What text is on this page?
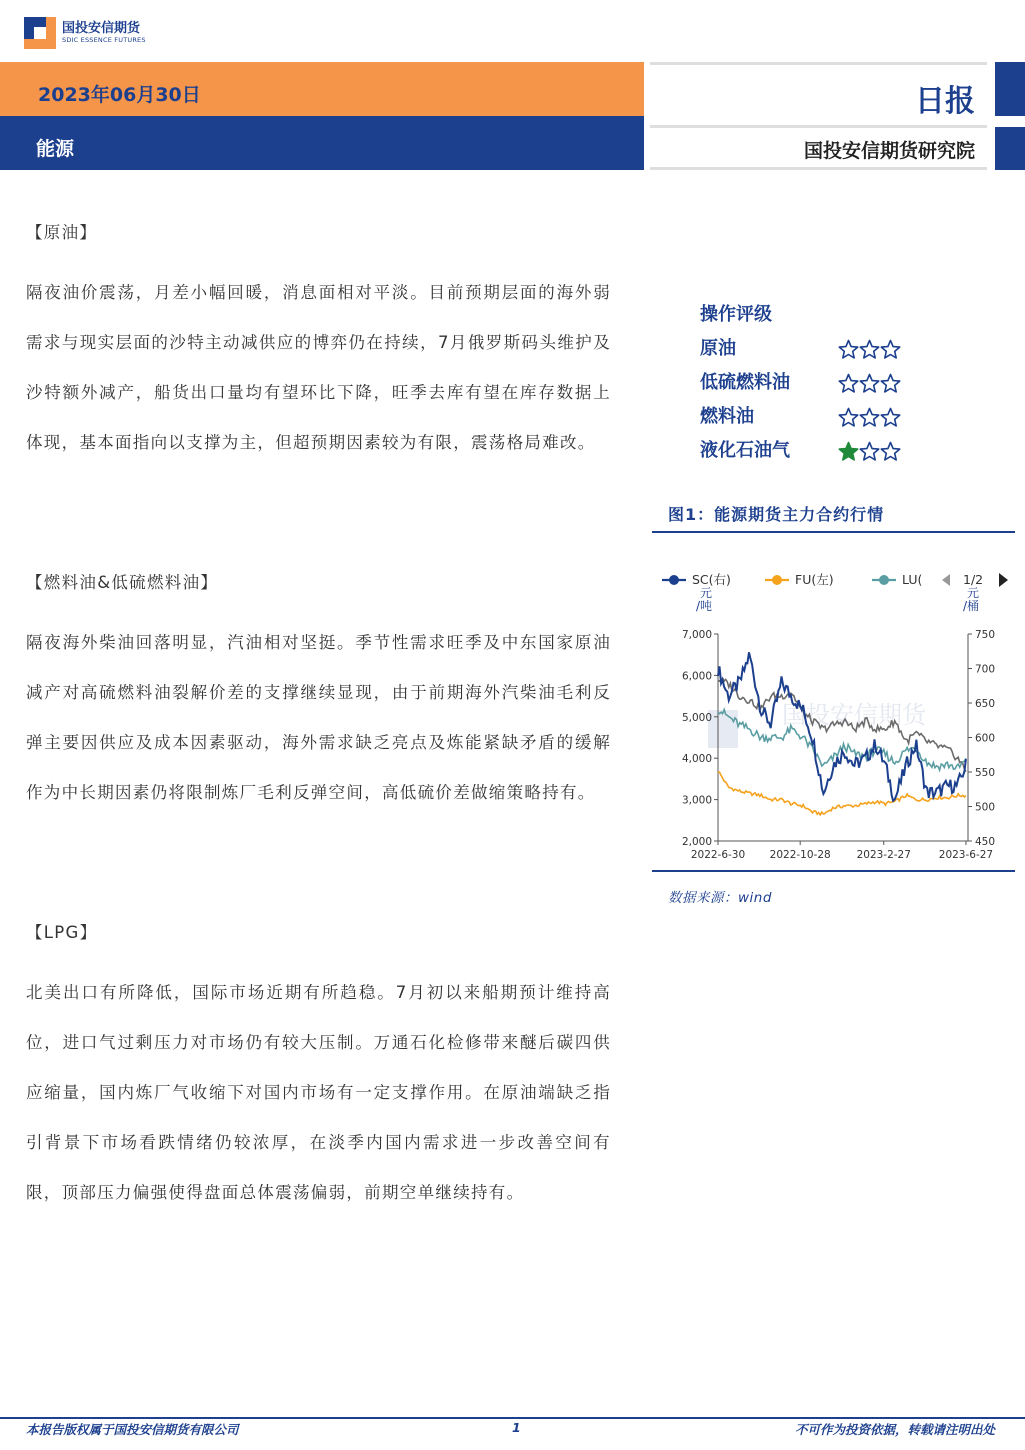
国投安信期货
SDIC ESSENCE FUTURES
2023年06月30日
能源
日报
国投安信期货研究院
【原油】
隔夜油价震荡，月差小幅回暖，消息面相对平淡。目前预期层面的海外弱需求与现实层面的沙特主动减供应的博弈仍在持续，7月俄罗斯码头维护及沙特额外减产，船货出口量均有望环比下降，旺季去库有望在库存数据上体现，基本面指向以支撑为主，但超预期因素较为有限，震荡格局难改。
【燃料油&低硫燃料油】
隔夜海外柴油回落明显，汽油相对坚挺。季节性需求旺季及中东国家原油减产对高硫燃料油裂解价差的支撑继续显现，由于前期海外汽柴油毛利反弹主要因供应及成本因素驱动，海外需求缺乏亮点及炼能紧缺矛盾的缓解作为中长期因素仍将限制炼厂毛利反弹空间，高低硫价差做缩策略持有。
【LPG】
北美出口有所降低，国际市场近期有所趋稳。7月初以来船期预计维持高位，进口气过剩压力对市场仍有较大压制。万通石化检修带来醚后碳四供应缩量，国内炼厂气收缩下对国内市场有一定支撑作用。在原油端缺乏指引背景下市场看跌情绪仍较浓厚，在淡季内国内需求进一步改善空间有限，顶部压力偏强使得盘面总体震荡偏弱，前期空单继续持有。
操作评级
原油
低硫燃料油
燃料油
液化石油气
图1：能源期货主力合约行情
国投安信期货
SC(右)	FU(左)	LU(	1/2
2,000
3,000
4,000
5,000
6,000
7,000
450
500
550
600
650
700
750
2022-6-30 2022-10-28 2023-2-27	2023-6-27
元
/吨
元
/桶
数据来源：wind
本报告版权属于国投安信期货有限公司	1	不可作为投资依据，转载请注明出处
